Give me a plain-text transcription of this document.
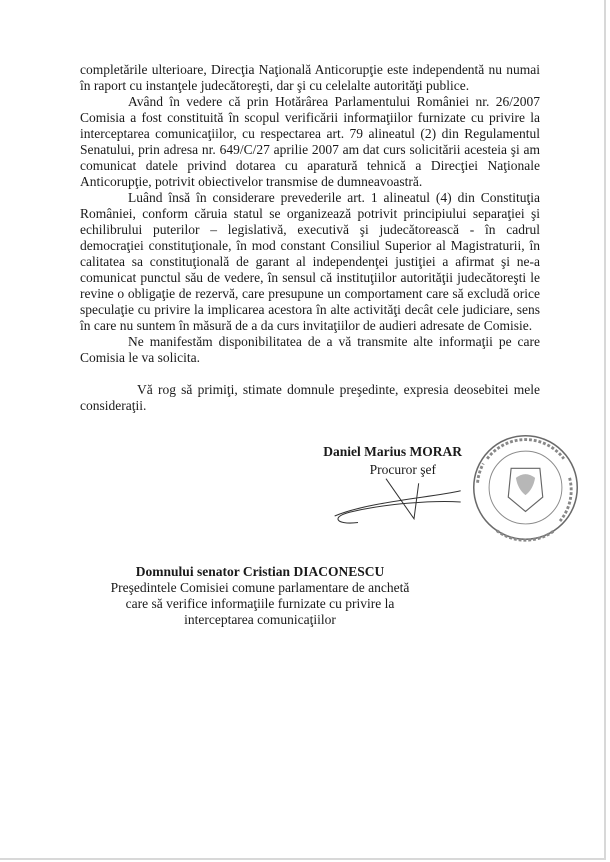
completările ulterioare, Direcţia Naţională Anticorupţie este independentă nu numai în raport cu instanţele judecătoreşti, dar şi cu celelalte autorităţi publice.

Având în vedere că prin Hotărârea Parlamentului României nr. 26/2007Comisia a fost constituită în scopul verificării informaţiilor furnizate cu privire lainterceptarea comunicaţiilor, cu respectarea art. 79 alineatul (2) din RegulamentulSenatului, prin adresa nr. 649/C/27 aprilie 2007 am dat curs solicitării acesteia şi amcomunicat datele privind dotarea cu aparatură tehnică a Direcţiei NaţionaleAnticorupţie, potrivit obiectivelor transmise de dumneavoastră.

Luând însă în considerare prevederile art. 1 alineatul (4) din ConstituţiaRomâniei, conform căruia statul se organizează potrivit principiului separaţiei şiechilibrului puterilor – legislativă, executivă şi judecătorească - în cadrul democraţiei constituţionale, în mod constant Consiliul Superior al Magistraturii, în calitatea sa constituţională de garant al independenţei justiţiei a afirmat şi ne-a comunicat punctul său de vedere, în sensul că instituţiilor autorităţii judecătoreşti le revine o obligaţie de rezervă, care presupune un comportament care să excludă orice speculaţie cu privire la implicarea acestora în alte activităţi decât cele judiciare, sens în care nu suntem în măsură de a da curs invitaţiilor de audieri adresate de Comisie.

Ne manifestăm disponibilitatea de a vă transmite alte informaţii pe careComisia le va solicita.

Vă rog să primiţi, stimate domnule preşedinte, expresia deosebitei meleconsideraţii.

Daniel Marius MORAR
Procuror şef
Domnului senator Cristian DIACONESCU
Preşedintele Comisiei comune parlamentare de anchetă
care să verifice informaţiile furnizate cu privire la
interceptarea comunicaţiilor
